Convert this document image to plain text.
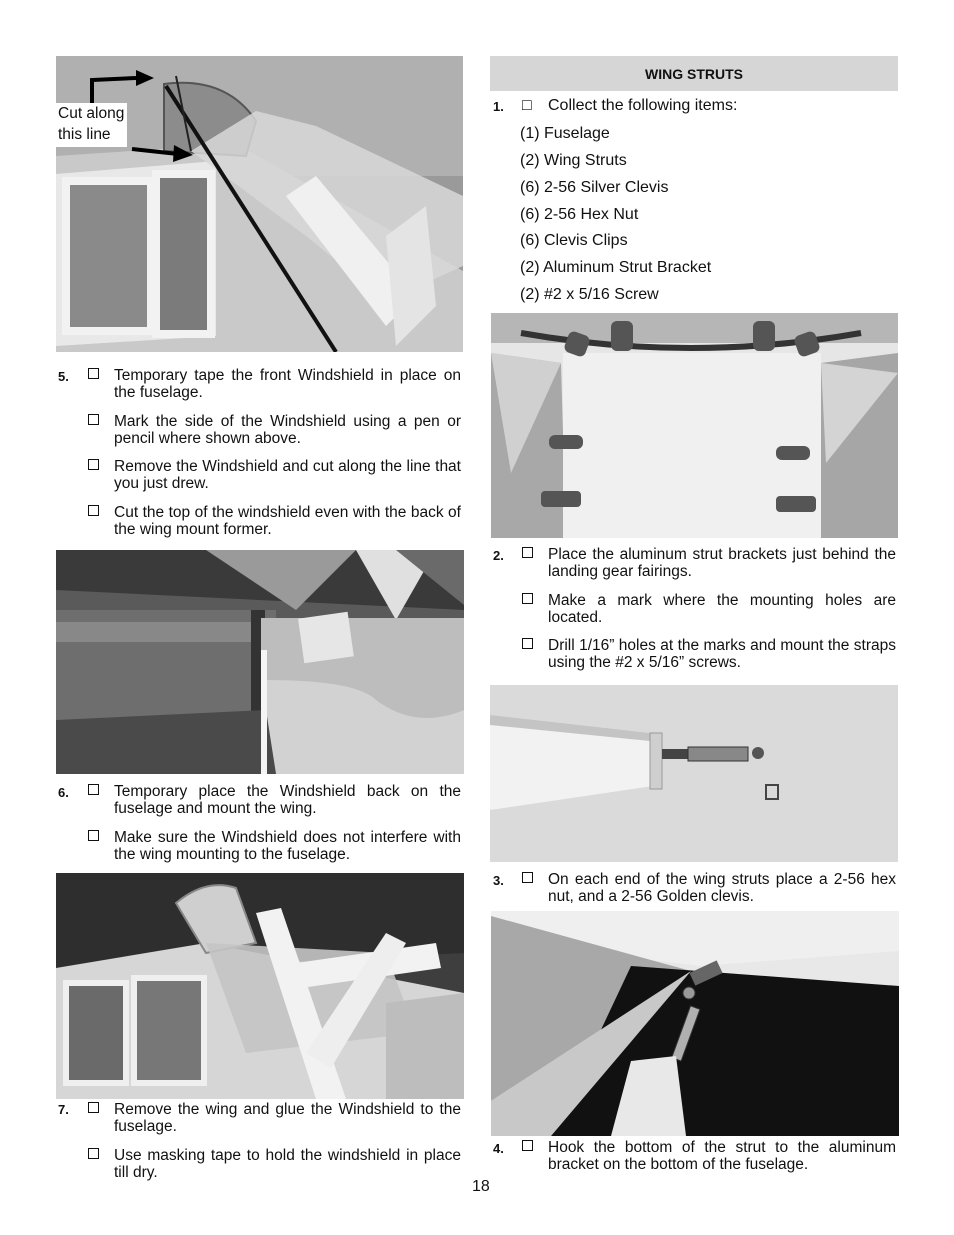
Cut along
this line
5.	Temporary tape the front Windshield in place on the fuselage.
Mark the side of the Windshield using a pen or pencil where shown above.
Remove the Windshield and cut along the line that you just drew.
Cut the top of the windshield even with the back of the wing mount former.
6.	Temporary place the Windshield back on the fuselage and mount the wing.
Make sure the Windshield does not interfere with the wing mounting to the fuselage.
7.	Remove the wing and glue the Windshield to the fuselage.
Use masking tape to hold the windshield in place till dry.
WING STRUTS
1. □ Collect the following items:
(1) Fuselage
(2) Wing Struts
(6) 2-56 Silver Clevis
(6) 2-56 Hex Nut
(6) Clevis Clips
(2) Aluminum Strut Bracket
(2) #2 x 5/16 Screw
2.	Place the aluminum strut brackets just behind the landing gear fairings.
Make a mark where the mounting holes are located.
Drill 1/16” holes at the marks and mount the straps using the #2 x 5/16” screws.
3.	On each end of the wing struts place a 2-56 hex nut, and a 2-56 Golden clevis.
4.	Hook the bottom of the strut to the aluminum bracket on the bottom of the fuselage.
18
